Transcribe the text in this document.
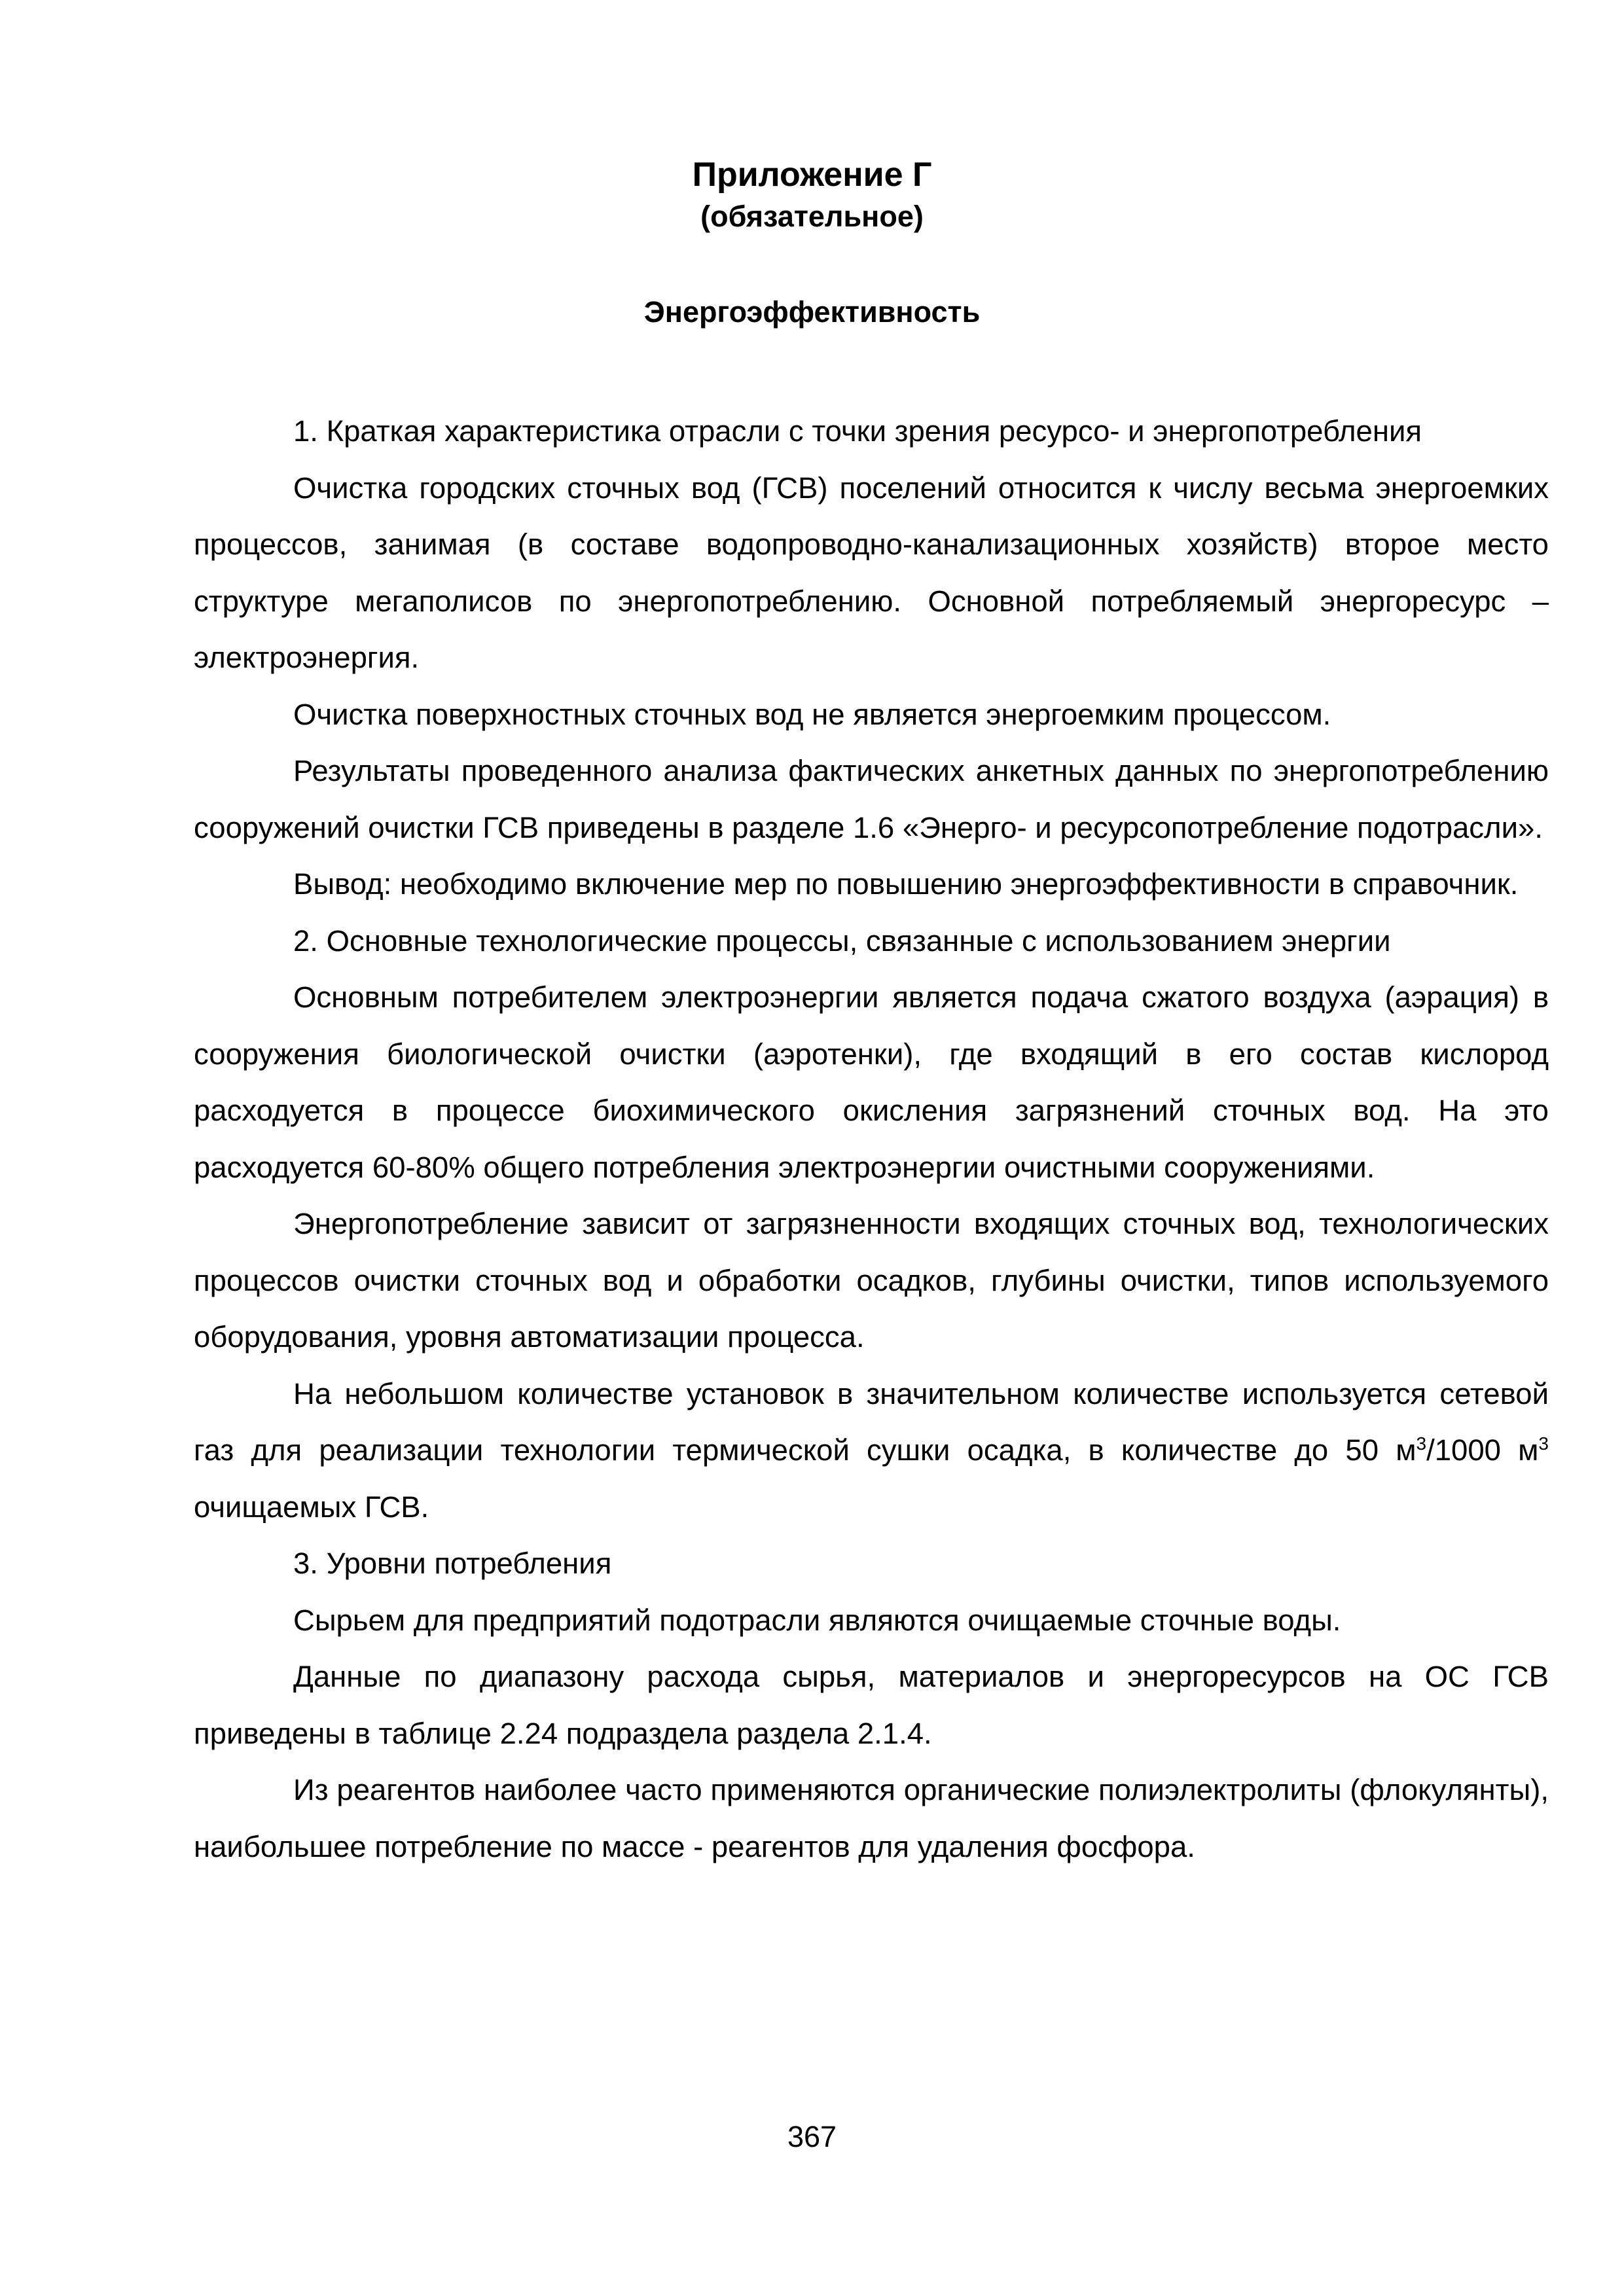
Приложение Г
(обязательное)
Энергоэффективность

1. Краткая характеристика отрасли с точки зрения ресурсо- и энергопотребления

Очистка городских сточных вод (ГСВ) поселений относится к числу весьма энергоемких процессов, занимая (в составе водопроводно-канализационных хозяйств) второе место структуре мегаполисов по энергопотреблению. Основной потребляемый энергоресурс – электроэнергия.

Очистка поверхностных сточных вод не является энергоемким процессом.

Результаты проведенного анализа фактических анкетных данных по энергопотреблению сооружений очистки ГСВ приведены в разделе 1.6 «Энерго- и ресурсопотребление подотрасли».

Вывод: необходимо включение мер по повышению энергоэффективности в справочник.

2. Основные технологические процессы, связанные с использованием энергии

Основным потребителем электроэнергии является подача сжатого воздуха (аэрация) в сооружения биологической очистки (аэротенки), где входящий в его состав кислород расходуется в процессе биохимического окисления загрязнений сточных вод. На это расходуется 60-80% общего потребления электроэнергии очистными сооружениями.

Энергопотребление зависит от загрязненности входящих сточных вод, технологических процессов очистки сточных вод и обработки осадков, глубины очистки, типов используемого оборудования, уровня автоматизации процесса.

На небольшом количестве установок в значительном количестве используется сетевой газ для реализации технологии термической сушки осадка, в количестве до 50 $м^3/1000$ $м^3$ очищаемых ГСВ.

3. Уровни потребления

Сырьем для предприятий подотрасли являются очищаемые сточные воды.

Данные по диапазону расхода сырья, материалов и энергоресурсов на ОС ГСВ приведены в таблице 2.24 подраздела раздела 2.1.4.

Из реагентов наиболее часто применяются органические полиэлектролиты (флокулянты), наибольшее потребление по массе - реагентов для удаления фосфора.

367
